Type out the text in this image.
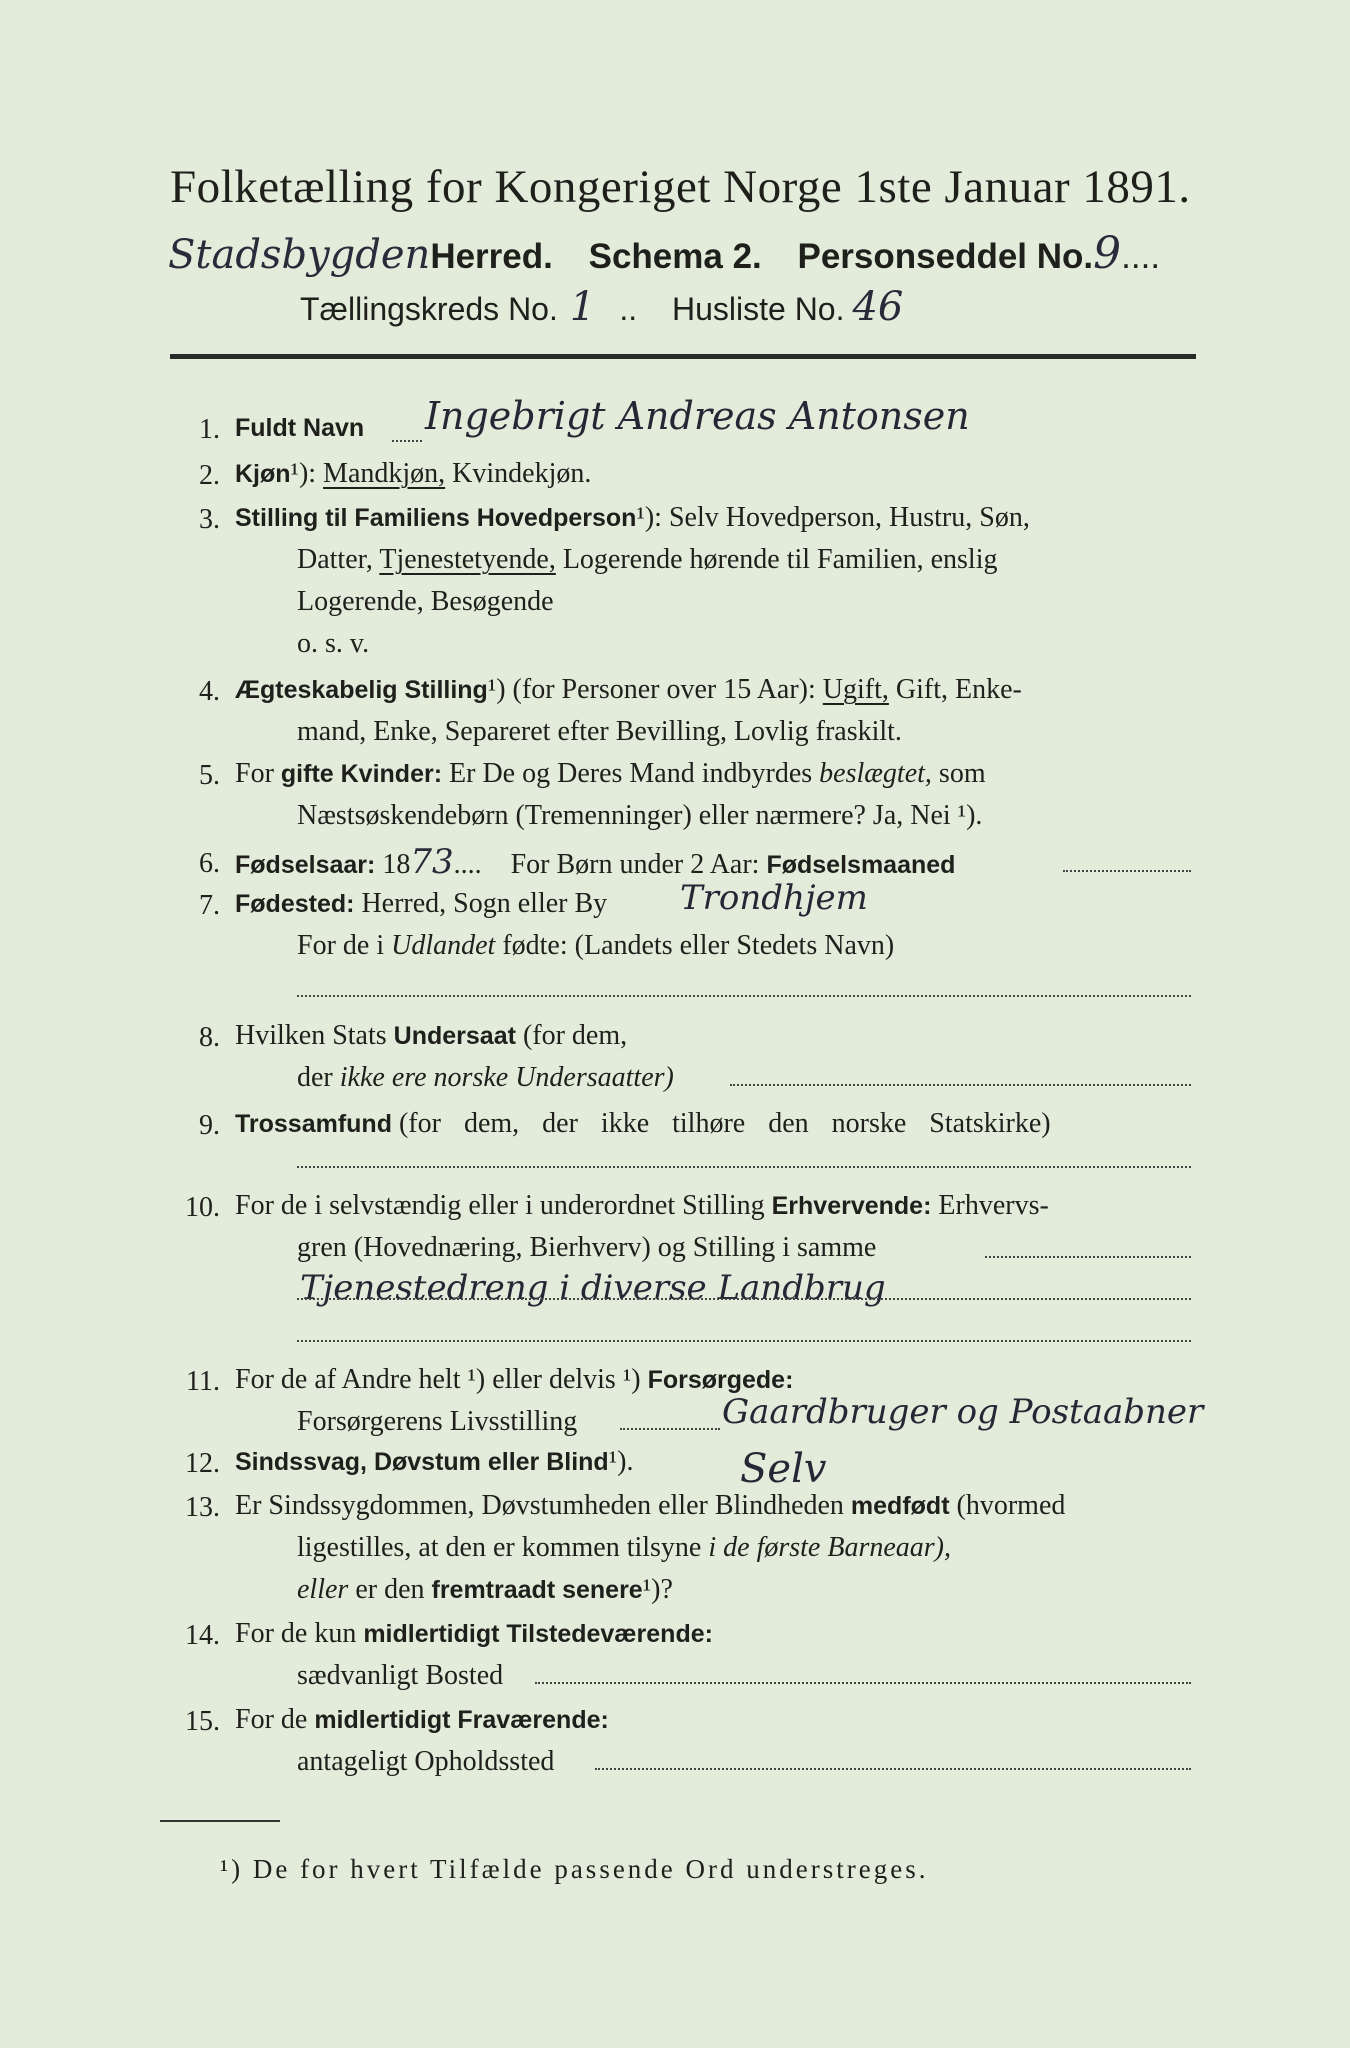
Folketælling for Kongeriget Norge 1ste Januar 1891.
StadsbygdenHerred. Schema 2. Personseddel No.9....
Tællingskreds No. 1 .. Husliste No. 46
1. Fuldt Navn Ingebrigt Andreas Antonsen
2. Kjøn¹): Mandkjøn, Kvindekjøn.
3. Stilling til Familiens Hovedperson¹): Selv Hovedperson, Hustru, Søn,
Datter, Tjenestetyende, Logerende hørende til Familien, enslig
Logerende, Besøgende
o. s. v.
4. Ægteskabelig Stilling¹) (for Personer over 15 Aar): Ugift, Gift, Enke-
mand, Enke, Separeret efter Bevilling, Lovlig fraskilt.
5. For gifte Kvinder: Er De og Deres Mand indbyrdes beslægtet, som
Næstsøskendebørn (Tremenninger) eller nærmere? Ja, Nei ¹).
6. Fødselsaar: 1873.... For Børn under 2 Aar: Fødselsmaaned
7. Fødested: Herred, Sogn eller By Trondhjem
For de i Udlandet fødte: (Landets eller Stedets Navn)
8. Hvilken Stats Undersaat (for dem,
der ikke ere norske Undersaatter)
9. Trossamfund (for dem, der ikke tilhøre den norske Statskirke)
10. For de i selvstændig eller i underordnet Stilling Erhvervende: Erhvervs-
gren (Hovednæring, Bierhverv) og Stilling i samme
Tjenestedreng i diverse Landbrug
11. For de af Andre helt ¹) eller delvis ¹) Forsørgede:
Forsørgerens Livsstilling	Gaardbruger og Postaabner
12. Sindssvag, Døvstum eller Blind¹).	Selv
13. Er Sindssygdommen, Døvstumheden eller Blindheden medfødt (hvormed
ligestilles, at den er kommen tilsyne i de første Barneaar),
eller er den fremtraadt senere¹)?
14. For de kun midlertidigt Tilstedeværende:
sædvanligt Bosted
15. For de midlertidigt Fraværende:
antageligt Opholdssted
¹) De for hvert Tilfælde passende Ord understreges.
